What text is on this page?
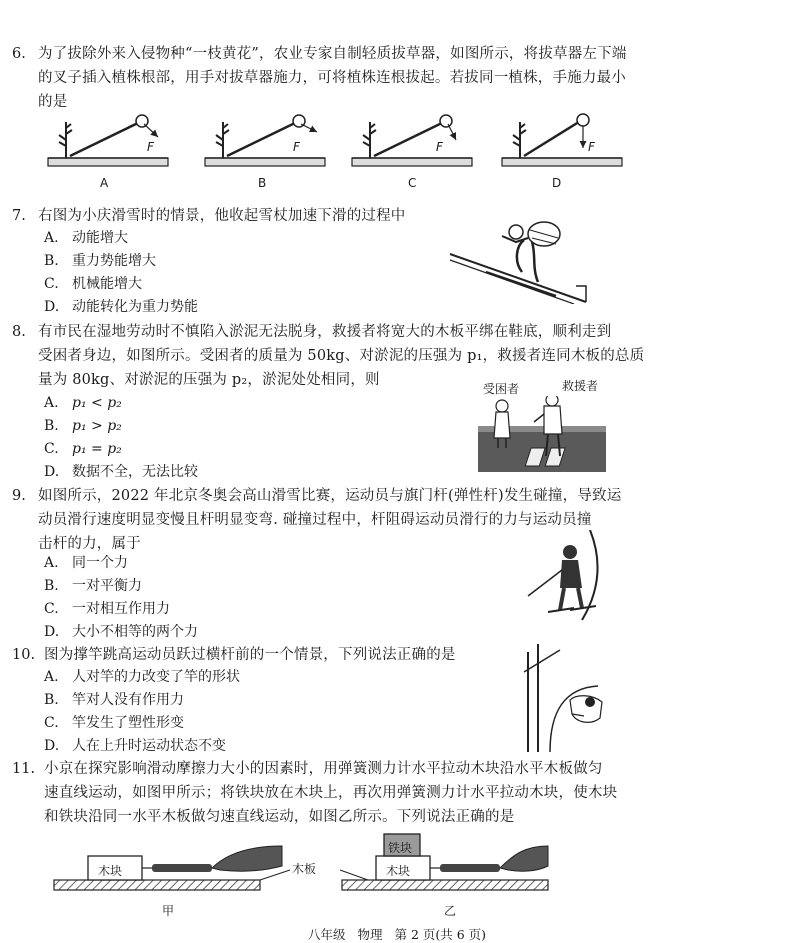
6. 为了拔除外来入侵物种“一枝黄花”，农业专家自制轻质拔草器，如图所示，将拔草器左下端
的叉子插入植株根部，用手对拔草器施力，可将植株连根拔起。若拔同一植株，手施力最小
的是
F	F	F	F
A	B	C	D
7. 右图为小庆滑雪时的情景，他收起雪杖加速下滑的过程中
A. 动能增大
B. 重力势能增大
C. 机械能增大
D. 动能转化为重力势能
8. 有市民在湿地劳动时不慎陷入淤泥无法脱身，救援者将宽大的木板平绑在鞋底，顺利走到
受困者身边，如图所示。受困者的质量为 50kg、对淤泥的压强为 p₁，救援者连同木板的总质
量为 80kg、对淤泥的压强为 p₂，淤泥处处相同，则
A. p₁ < p₂
B. p₁ > p₂
C. p₁ = p₂
D. 数据不全，无法比较
受困者	救援者
9. 如图所示，2022 年北京冬奥会高山滑雪比赛，运动员与旗门杆(弹性杆)发生碰撞，导致运
动员滑行速度明显变慢且杆明显变弯. 碰撞过程中，杆阻碍运动员滑行的力与运动员撞
击杆的力，属于
A. 同一个力
B. 一对平衡力
C. 一对相互作用力
D. 大小不相等的两个力
10. 图为撑竿跳高运动员跃过横杆前的一个情景，下列说法正确的是
A. 人对竿的力改变了竿的形状
B. 竿对人没有作用力
C. 竿发生了塑性形变
D. 人在上升时运动状态不变
11. 小京在探究影响滑动摩擦力大小的因素时，用弹簧测力计水平拉动木块沿水平木板做匀
速直线运动，如图甲所示；将铁块放在木块上，再次用弹簧测力计水平拉动木块，使木块
和铁块沿同一水平木板做匀速直线运动，如图乙所示。下列说法正确的是
木块	木块
铁块
木板
甲	乙
八年级 物理 第 2 页(共 6 页)
